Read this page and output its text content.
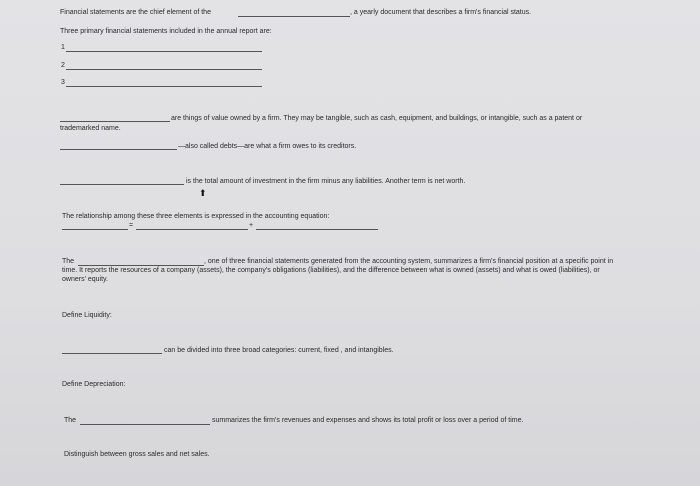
Financial statements are the chief element of the	, a yearly document that describes a firm's financial status.
Three primary financial statements included in the annual report are:
1
2
3
are things of value owned by a firm. They may be tangible, such as cash, equipment, and buildings, or intangible, such as a patent or
trademarked name.
—also called debts—are what a firm owes to its creditors.
is the total amount of investment in the firm minus any liabilities. Another term is net worth.
⬆
The relationship among these three elements is expressed in the accounting equation:
=	+
The	, one of three financial statements generated from the accounting system, summarizes a firm's financial position at a specific point in
time. It reports the resources of a company (assets), the company's obligations (liabilities), and the difference between what is owned (assets) and what is owed (liabilities), or
owners' equity.
Define Liquidity:
can be divided into three broad categories: current, fixed , and intangibles.
Define Depreciation:
The	summarizes the firm's revenues and expenses and shows its total profit or loss over a period of time.
Distinguish between gross sales and net sales.
